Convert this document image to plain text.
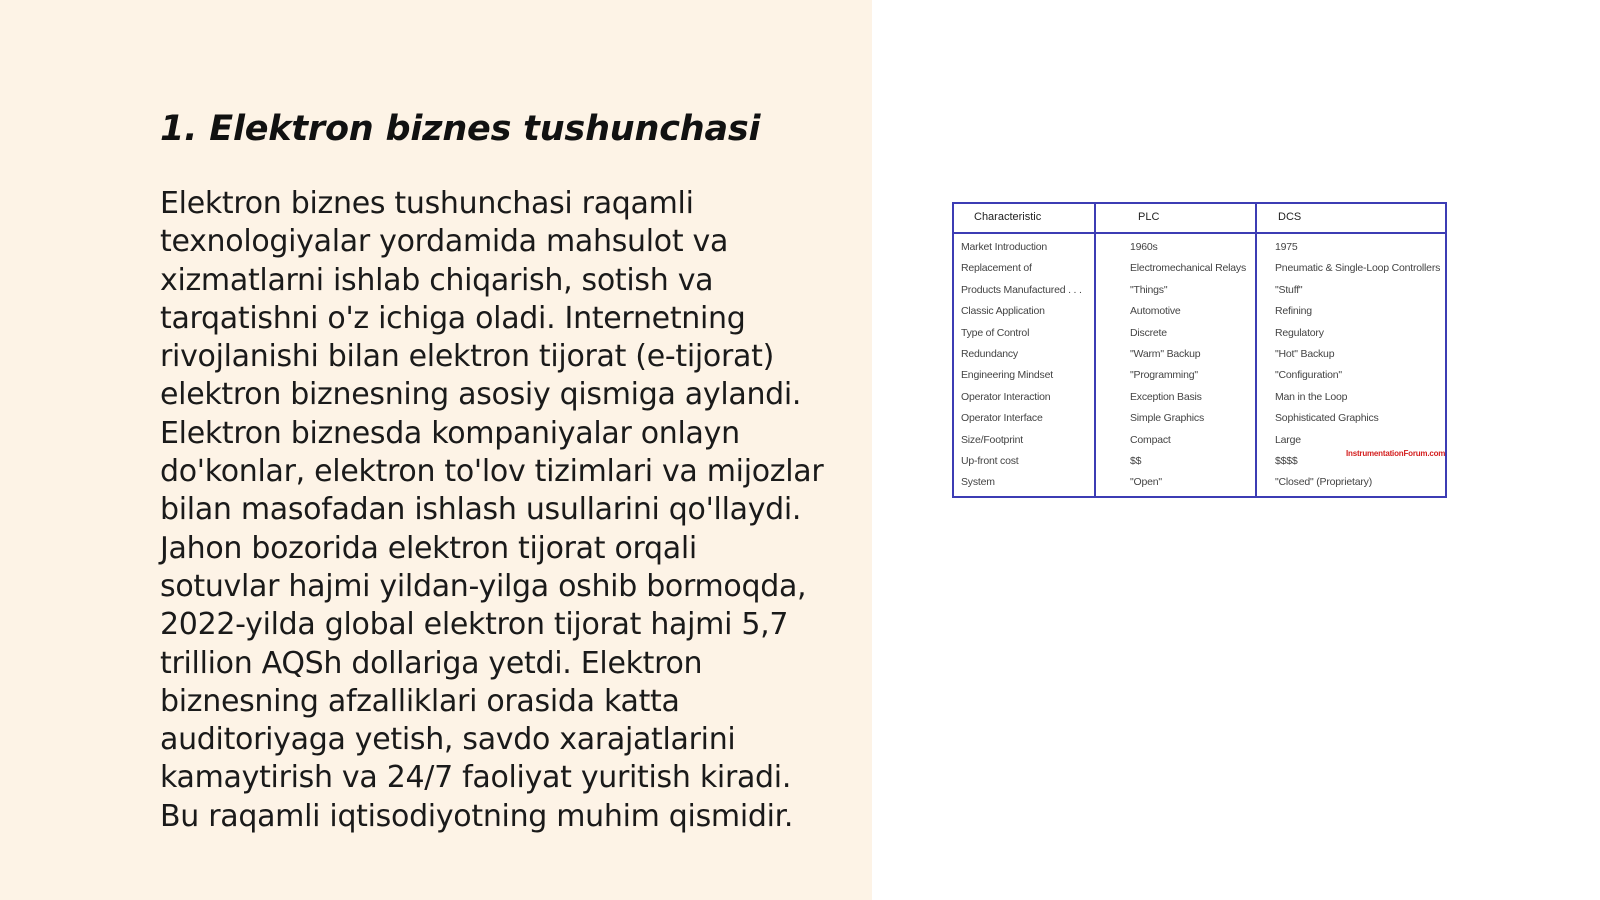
1. Elektron biznes tushunchasi
Elektron biznes tushunchasi raqamli
texnologiyalar yordamida mahsulot va
xizmatlarni ishlab chiqarish, sotish va
tarqatishni o'z ichiga oladi. Internetning
rivojlanishi bilan elektron tijorat (e-tijorat)
elektron biznesning asosiy qismiga aylandi.
Elektron biznesda kompaniyalar onlayn
do'konlar, elektron to'lov tizimlari va mijozlar
bilan masofadan ishlash usullarini qo'llaydi.
Jahon bozorida elektron tijorat orqali
sotuvlar hajmi yildan-yilga oshib bormoqda,
2022-yilda global elektron tijorat hajmi 5,7
trillion AQSh dollariga yetdi. Elektron
biznesning afzalliklari orasida katta
auditoriyaga yetish, savdo xarajatlarini
kamaytirish va 24/7 faoliyat yuritish kiradi.
Bu raqamli iqtisodiyotning muhim qismidir.
Characteristic	PLC	DCS
Market Introduction	1960s	1975
Replacement of	Electromechanical Relays	Pneumatic & Single-Loop Controllers
Products Manufactured . . .	"Things"	"Stuff"
Classic Application	Automotive	Refining
Type of Control	Discrete	Regulatory
Redundancy	"Warm" Backup	"Hot" Backup
Engineering Mindset	"Programming"	"Configuration"
Operator Interaction	Exception Basis	Man in the Loop
Operator Interface	Simple Graphics	Sophisticated Graphics
Size/Footprint	Compact	Large
Up-front cost	$$	$$$$
System	"Open"	"Closed" (Proprietary)
InstrumentationForum.com
